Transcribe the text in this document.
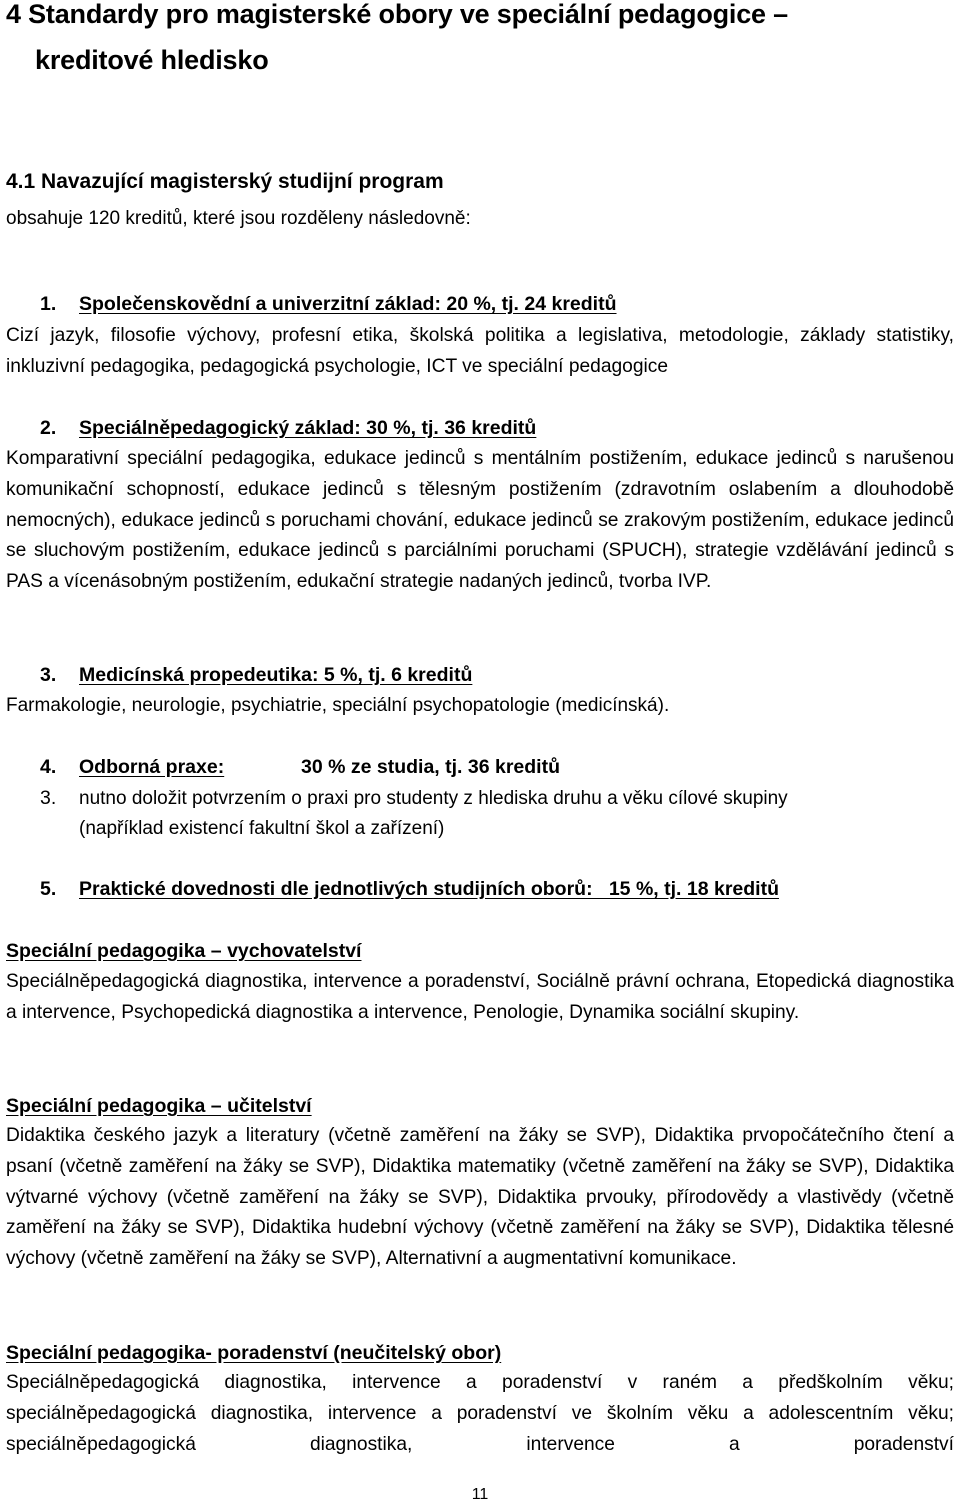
4 Standardy pro magisterské obory ve speciální pedagogice –
kreditové hledisko
4.1 Navazující magisterský studijní program
obsahuje 120 kreditů, které jsou rozděleny následovně:
1. Společenskovědní a univerzitní základ: 20 %, tj. 24 kreditů
Cizí jazyk, filosofie výchovy, profesní etika, školská politika a legislativa, metodologie, základy statistiky, inkluzivní pedagogika, pedagogická psychologie, ICT ve speciální pedagogice
2. Speciálněpedagogický základ: 30 %, tj. 36 kreditů
Komparativní speciální pedagogika, edukace jedinců s mentálním postižením, edukace jedinců s narušenou komunikační schopností, edukace jedinců s tělesným postižením (zdravotním oslabením a dlouhodobě nemocných), edukace jedinců s poruchami chování, edukace jedinců se zrakovým postižením, edukace jedinců se sluchovým postižením, edukace jedinců s parciálními poruchami (SPUCH), strategie vzdělávání jedinců s PAS a vícenásobným postižením, edukační strategie nadaných jedinců, tvorba IVP.
3. Medicínská propedeutika: 5 %, tj. 6 kreditů
Farmakologie, neurologie, psychiatrie, speciální psychopatologie (medicínská).
4. Odborná praxe:	30 % ze studia, tj. 36 kreditů
3. nutno doložit potvrzením o praxi pro studenty z hlediska druhu a věku cílové skupiny
(například existencí fakultní škol a zařízení)
5. Praktické dovednosti dle jednotlivých studijních oborů:   15 %, tj. 18 kreditů
Speciální pedagogika – vychovatelství
Speciálněpedagogická diagnostika, intervence a poradenství, Sociálně právní ochrana, Etopedická diagnostika a intervence, Psychopedická diagnostika a intervence, Penologie, Dynamika sociální skupiny.
Speciální pedagogika – učitelství
Didaktika českého jazyk a literatury (včetně zaměření na žáky se SVP), Didaktika prvopočátečního čtení a psaní (včetně zaměření na žáky se SVP), Didaktika matematiky (včetně zaměření na žáky se SVP), Didaktika výtvarné výchovy (včetně zaměření na žáky se SVP), Didaktika prvouky, přírodovědy a vlastivědy (včetně zaměření na žáky se SVP), Didaktika hudební výchovy (včetně zaměření na žáky se SVP), Didaktika tělesné výchovy (včetně zaměření na žáky se SVP), Alternativní a augmentativní komunikace.
Speciální pedagogika- poradenství (neučitelský obor)
Speciálněpedagogická diagnostika, intervence a poradenství v raném a předškolním věku; speciálněpedagogická diagnostika, intervence a poradenství ve školním věku a adolescentním věku; speciálněpedagogická diagnostika, intervence a poradenství
11
